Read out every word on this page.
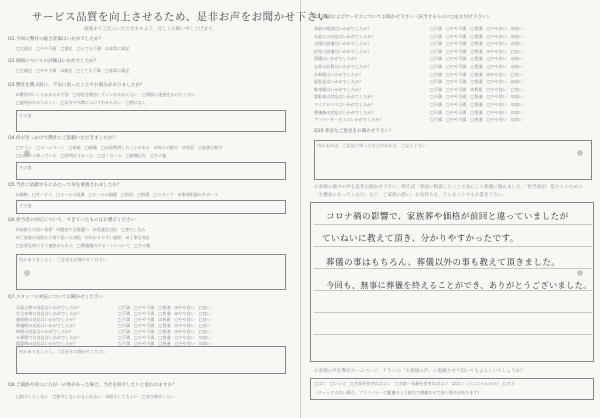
サービス品質を向上させるため、是非お声をお聞かせ下さい
最後までご記入いただきますよう、宜しくお願い申し上げます。
Q1.今回の弊社の総合評価はいかがでしたか？
□大満足　□やや不満　□満足　□とても不満　☑非常に満足
Q2.価格についての評価はいかがでしたか？
□大満足　□やや不満　☑満足　□とても不満　□非常に満足
Q3.弊社を選ぶ前に、不安に思ったことやお悩みがありましたか？
☑費用がいくらかかるか不安　□対応を期待していいかわからない　□周囲に迷惑をかけたくない
□説明がわかりにくい　□お寺や宗教についてわからない　□特になし
その他
Q4.何がきっかけで弊社にご依頼いただきましたか？
□チラシ　□ホームページ　□看板　□新聞　□以前利用したことがある　☑知人の紹介　☑会員　□家族に紹介
□以前から知っていた　□評判がよかった　□近くだった　□新聞広告　□その他
その他
Q5.当社に依頼するにあたって何を重視されましたか？
☑価格　□サービス　□ホールの設備　□ホールの規模　□宿泊　□料理　□スタッフ　☑事前相談のサポート
その他
Q6.担当者の対応について、できていたものはお選びください
☑気持ちの良い挨拶　☑態度や言葉遣い　☑迅速な対応　□身だしなみ
☑ご家族の気持ちに寄り添った対応　☑わかりやすい説明　☑丁寧な対応
□必要な時にすぐ連絡がとれた　□葬儀後のサポートについて　□その他
何かありましたら、ご意見をお聞かせください
Q7.スタッフの対応についてお聞かせください
お迎え時の対応はいかがでしたか？	□不満　□やや不満　□普通　☑やや良い　□良い
打合せ時の対応はいかがでしたか？	□不満　□やや不満　□普通　☑やや良い　□良い
通夜時の対応はいかがでしたか？	□不満　□やや不満　☑普通　□やや良い　□良い
葬儀時の対応はいかがでしたか？	□不満　□やや不満　□普通　☑やや良い　□良い
料理の対応はいかがでしたか？	□不満　□やや不満　□普通　☑やや良い　□良い
火葬場での対応はいかがでしたか？	□不満　□やや不満　□普通　□やや良い　☑良い
精算時の対応はいかがでしたか？	□不満　□やや不満　□普通　□やや良い　☑良い
何かありましたら、ご意見をお聞かせください
Q8.ご親族や知人に万が一の事があった場合、当社を紹介したいと思われますか？
□紹介したくない　□紹介しないかもしれない　☑紹介してもよい　□ぜひ紹介したい
Q9.施設およびサービスについてお聞かせ下さい（該当するものに○をお付け下さい）
事前の相談はいかがでしたか？	□不満　□やや不満　□普通　□やや良い　☑良い
お迎えの対応はいかがでしたか？	□不満　□やや不満　□普通　□やや良い　☑良い
式場の設備はいかがでしたか？	□不満　□やや不満　□普通　□やや良い　☑良い
控室の設備はいかがでしたか？	□不満　□やや不満　□普通　☑やや良い　□良い
祭壇はいかがでしたか？	□不満　□やや不満　□普通　□やや良い　☑良い
お花の品質はいかがでしたか？	□不満　□やや不満　□普通　□やや良い　☑良い
お料理はいかがでしたか？	□不満　□やや不満　□普通　☑やや良い　□良い
返礼品はいかがでしたか？	□不満　□やや不満　□普通　□やや良い　☑良い
駐車場はいかがでしたか？	□不満　□やや不満　☑普通　□やや良い　□良い
霊柩車の対応はいかがでしたか？	□不満　□やや不満　□普通　□やや良い　☑良い
マイクロバスはいかがでしたか？	□不満　□やや不満　□普通　□やや良い　☑良い
葬儀後の対応はいかがでしたか？	□不満　□やや不満　□普通　□やや良い　☑良い
アフターサービスはいかがでしたか？	□不満　□やや不満　□普通　□やや良い　☑良い
Q10.率直なご意見をお聞かせ下さい！
何かあれば、ご意見に残ったなどがあれば、ご記入下さい
お客様の喪中の声を是非お聞かせ下さい。例えば「事前に相談したことで安心して葬儀に臨めました」「担当者が、私たちのために
一生懸命になってくれた」など、ご家族の思い、お気持ちを、どんなことでもお書き下さい。
コロナ禍の影響で、家族葬や価格が前回と違っていましたが
ていねいに教えて頂き、分かりやすかったです。
葬儀の事はもちろん、葬儀以外の事も教えて頂きました。
今回も、無事に葬儀を終えることができ、ありがとうございました。
お客様の声を弊社ホームページ、チラシの「お客様の声」に掲載させて頂いてもよろしいでしょうか？
□はい　□いいえ　□名前を伏せればよい　□名前・年齢を伏せればよい　☑はい（イニシャルのみ）　□ダメ
（チェックのない場合、プライバシーに配慮のうえ匿名で掲載させて頂く場合があります）
